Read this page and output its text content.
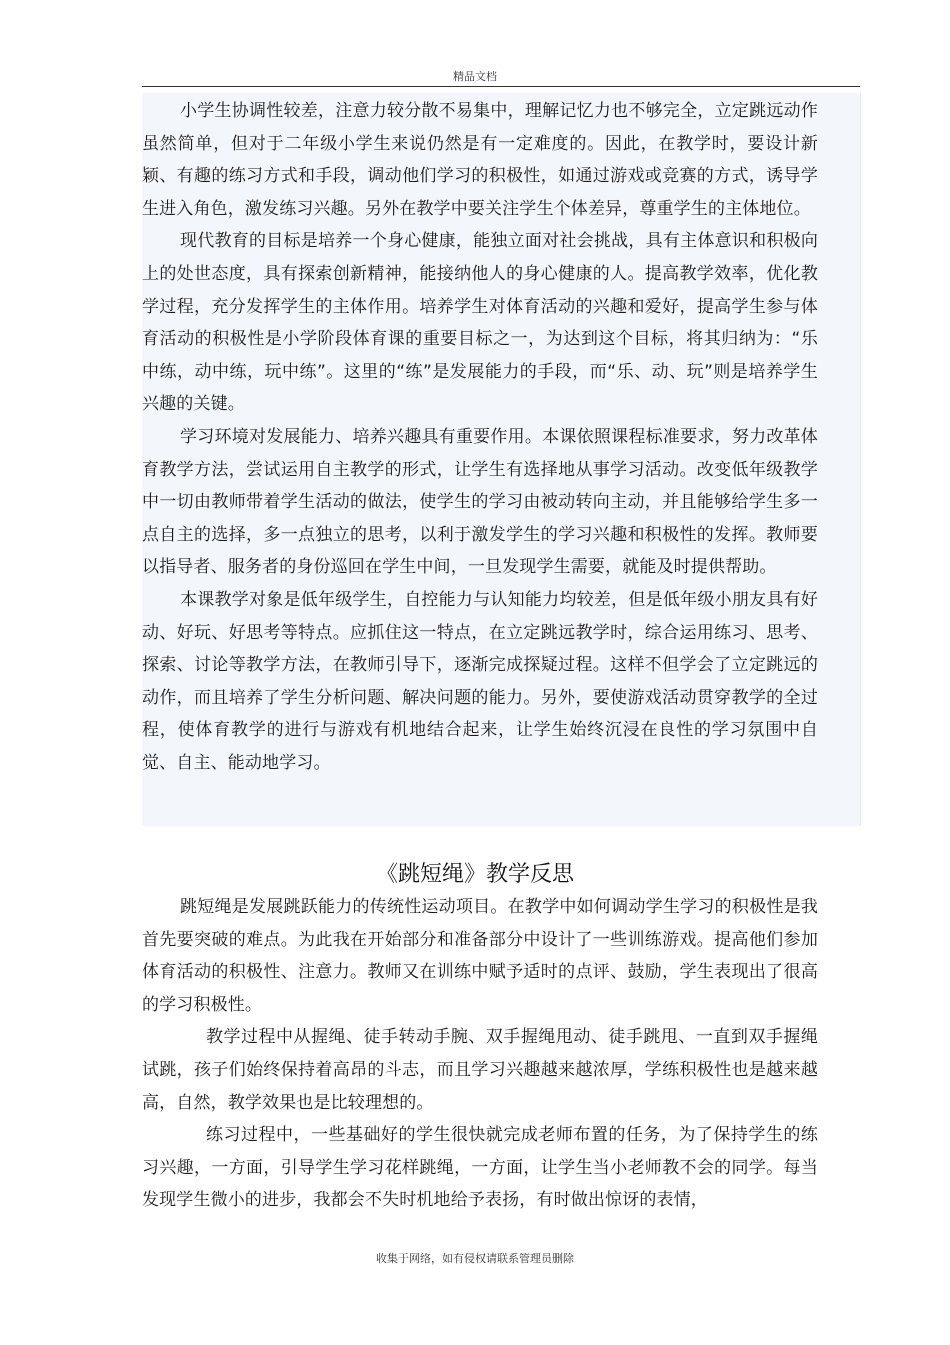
精品文档

小学生协调性较差，注意力较分散不易集中，理解记忆力也不够完全，立定跳远动作虽然简单，但对于二年级小学生来说仍然是有一定难度的。因此，在教学时，要设计新颖、有趣的练习方式和手段，调动他们学习的积极性，如通过游戏或竞赛的方式，诱导学生进入角色，激发练习兴趣。另外在教学中要关注学生个体差异，尊重学生的主体地位。

现代教育的目标是培养一个身心健康，能独立面对社会挑战，具有主体意识和积极向上的处世态度，具有探索创新精神，能接纳他人的身心健康的人。提高教学效率，优化教学过程，充分发挥学生的主体作用。培养学生对体育活动的兴趣和爱好，提高学生参与体育活动的积极性是小学阶段体育课的重要目标之一，为达到这个目标，将其归纳为：“乐中练，动中练，玩中练”。这里的“练”是发展能力的手段，而“乐、动、玩”则是培养学生兴趣的关键。

学习环境对发展能力、培养兴趣具有重要作用。本课依照课程标准要求，努力改革体育教学方法，尝试运用自主教学的形式，让学生有选择地从事学习活动。改变低年级教学中一切由教师带着学生活动的做法，使学生的学习由被动转向主动，并且能够给学生多一点自主的选择，多一点独立的思考，以利于激发学生的学习兴趣和积极性的发挥。教师要以指导者、服务者的身份巡回在学生中间，一旦发现学生需要，就能及时提供帮助。

本课教学对象是低年级学生，自控能力与认知能力均较差，但是低年级小朋友具有好动、好玩、好思考等特点。应抓住这一特点，在立定跳远教学时，综合运用练习、思考、探索、讨论等教学方法，在教师引导下，逐渐完成探疑过程。这样不但学会了立定跳远的动作，而且培养了学生分析问题、解决问题的能力。另外，要使游戏活动贯穿教学的全过程，使体育教学的进行与游戏有机地结合起来，让学生始终沉浸在良性的学习氛围中自觉、自主、能动地学习。

《跳短绳》教学反思

跳短绳是发展跳跃能力的传统性运动项目。在教学中如何调动学生学习的积极性是我首先要突破的难点。为此我在开始部分和准备部分中设计了一些训练游戏。提高他们参加体育活动的积极性、注意力。教师又在训练中赋予适时的点评、鼓励，学生表现出了很高的学习积极性。

教学过程中从握绳、徒手转动手腕、双手握绳甩动、徒手跳甩、一直到双手握绳试跳，孩子们始终保持着高昂的斗志，而且学习兴趣越来越浓厚，学练积极性也是越来越高，自然，教学效果也是比较理想的。

练习过程中，一些基础好的学生很快就完成老师布置的任务，为了保持学生的练习兴趣，一方面，引导学生学习花样跳绳，一方面，让学生当小老师教不会的同学。每当发现学生微小的进步，我都会不失时机地给予表扬，有时做出惊讶的表情，

收集于网络，如有侵权请联系管理员删除
